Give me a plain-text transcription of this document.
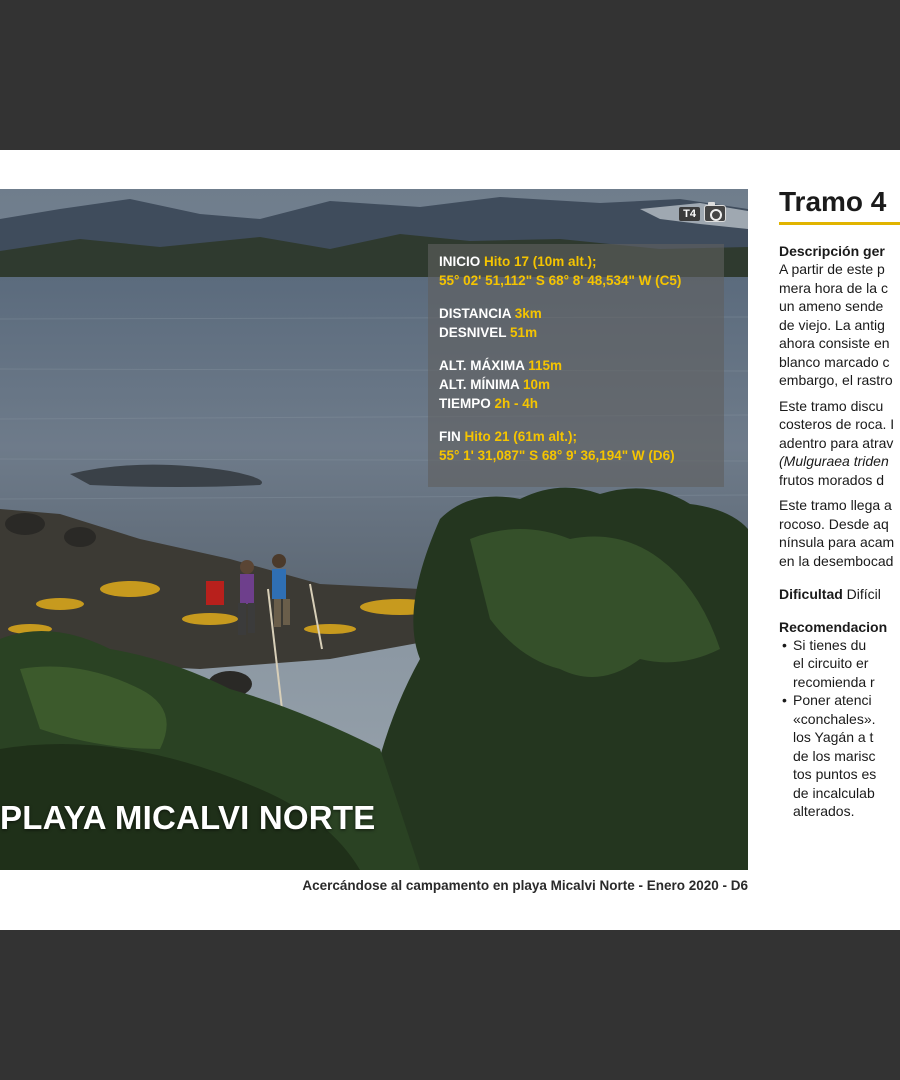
T4
INICIO Hito 17 (10m alt.);
55° 02' 51,112" S 68° 8' 48,534" W (C5)
DISTANCIA 3km
DESNIVEL 51m
ALT. MÁXIMA 115m
ALT. MÍNIMA 10m
TIEMPO 2h - 4h
FIN Hito 21 (61m alt.);
55° 1' 31,087" S 68° 9' 36,194" W (D6)
PLAYA MICALVI NORTE
Acercándose al campamento en playa Micalvi Norte - Enero 2020 - D6
Tramo 4
Descripción ger
A partir de este p
mera hora de la c
un ameno sende
de viejo. La antig
ahora consiste en
blanco marcado c
embargo, el rastro
Este tramo discu
costeros de roca. I
adentro para atrav
(Mulguraea triden
frutos morados d
Este tramo llega a
rocoso. Desde aq
nínsula para acam
en la desembocad
Dificultad Difícil
Recomendacion
• Si tienes du
el circuito er
recomienda r
• Poner atenci
«conchales».
los Yagán a t
de los marisc
tos puntos es
de incalculab
alterados.
